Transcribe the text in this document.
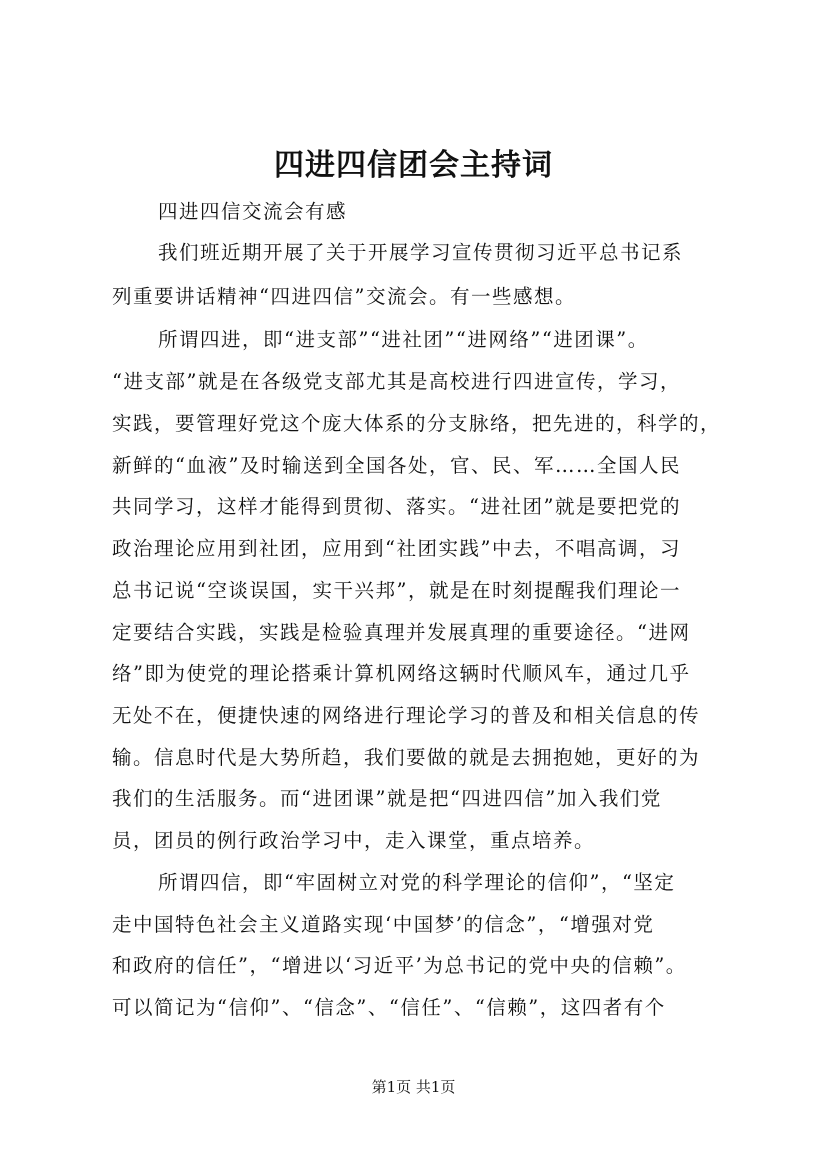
四进四信团会主持词
四进四信交流会有感
我们班近期开展了关于开展学习宣传贯彻习近平总书记系
列重要讲话精神“四进四信”交流会。有一些感想。
所谓四进，即“进支部”“进社团”“进网络”“进团课”。
“进支部”就是在各级党支部尤其是高校进行四进宣传，学习，
实践，要管理好党这个庞大体系的分支脉络，把先进的，科学的，
新鲜的“血液”及时输送到全国各处，官、民、军……全国人民
共同学习，这样才能得到贯彻、落实。“进社团”就是要把党的
政治理论应用到社团，应用到“社团实践”中去，不唱高调，习
总书记说“空谈误国，实干兴邦”，就是在时刻提醒我们理论一
定要结合实践，实践是检验真理并发展真理的重要途径。“进网
络”即为使党的理论搭乘计算机网络这辆时代顺风车，通过几乎
无处不在，便捷快速的网络进行理论学习的普及和相关信息的传
输。信息时代是大势所趋，我们要做的就是去拥抱她，更好的为
我们的生活服务。而“进团课”就是把“四进四信”加入我们党
员，团员的例行政治学习中，走入课堂，重点培养。
所谓四信，即“牢固树立对党的科学理论的信仰”，“坚定
走中国特色社会主义道路实现‘中国梦’的信念”，“增强对党
和政府的信任”，“增进以‘习近平’为总书记的党中央的信赖”。
可以简记为“信仰”、“信念”、“信任”、“信赖”，这四者有个
第1页 共1页
